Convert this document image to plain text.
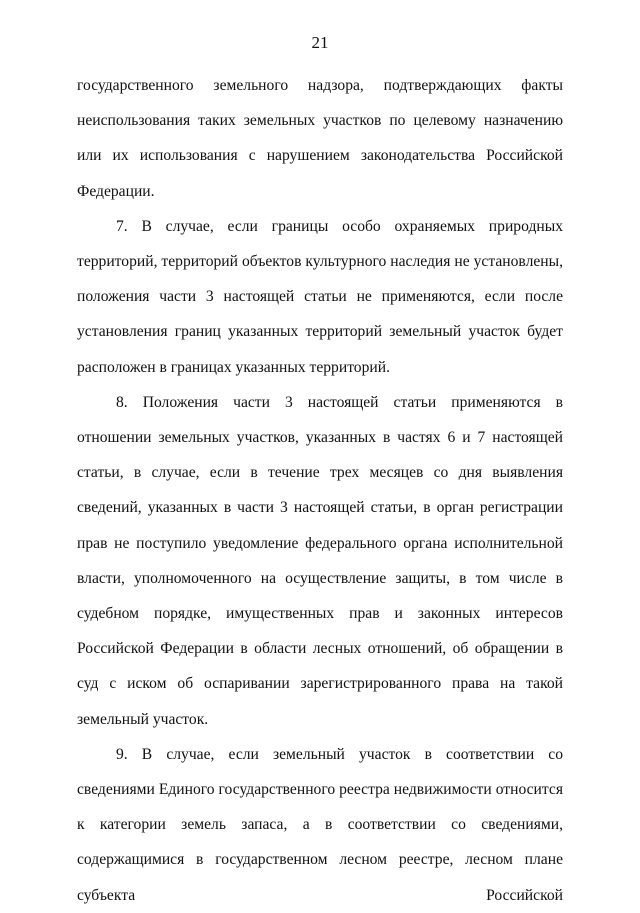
21

государственного земельного надзора, подтверждающих факты неиспользования таких земельных участков по целевому назначению или их использования с нарушением законодательства Российской Федерации.

7. В случае, если границы особо охраняемых природных территорий, территорий объектов культурного наследия не установлены, положения части 3 настоящей статьи не применяются, если после установления границ указанных территорий земельный участок будет расположен в границах указанных территорий.

8. Положения части 3 настоящей статьи применяются в отношении земельных участков, указанных в частях 6 и 7 настоящей статьи, в случае, если в течение трех месяцев со дня выявления сведений, указанных в части 3 настоящей статьи, в орган регистрации прав не поступило уведомление федерального органа исполнительной власти, уполномоченного на осуществление защиты, в том числе в судебном порядке, имущественных прав и законных интересов Российской Федерации в области лесных отношений, об обращении в суд с иском об оспаривании зарегистрированного права на такой земельный участок.

9. В случае, если земельный участок в соответствии со сведениями Единого государственного реестра недвижимости относится к категории земель запаса, а в соответствии со сведениями, содержащимися в государственном лесном реестре, лесном плане субъекта Российской
